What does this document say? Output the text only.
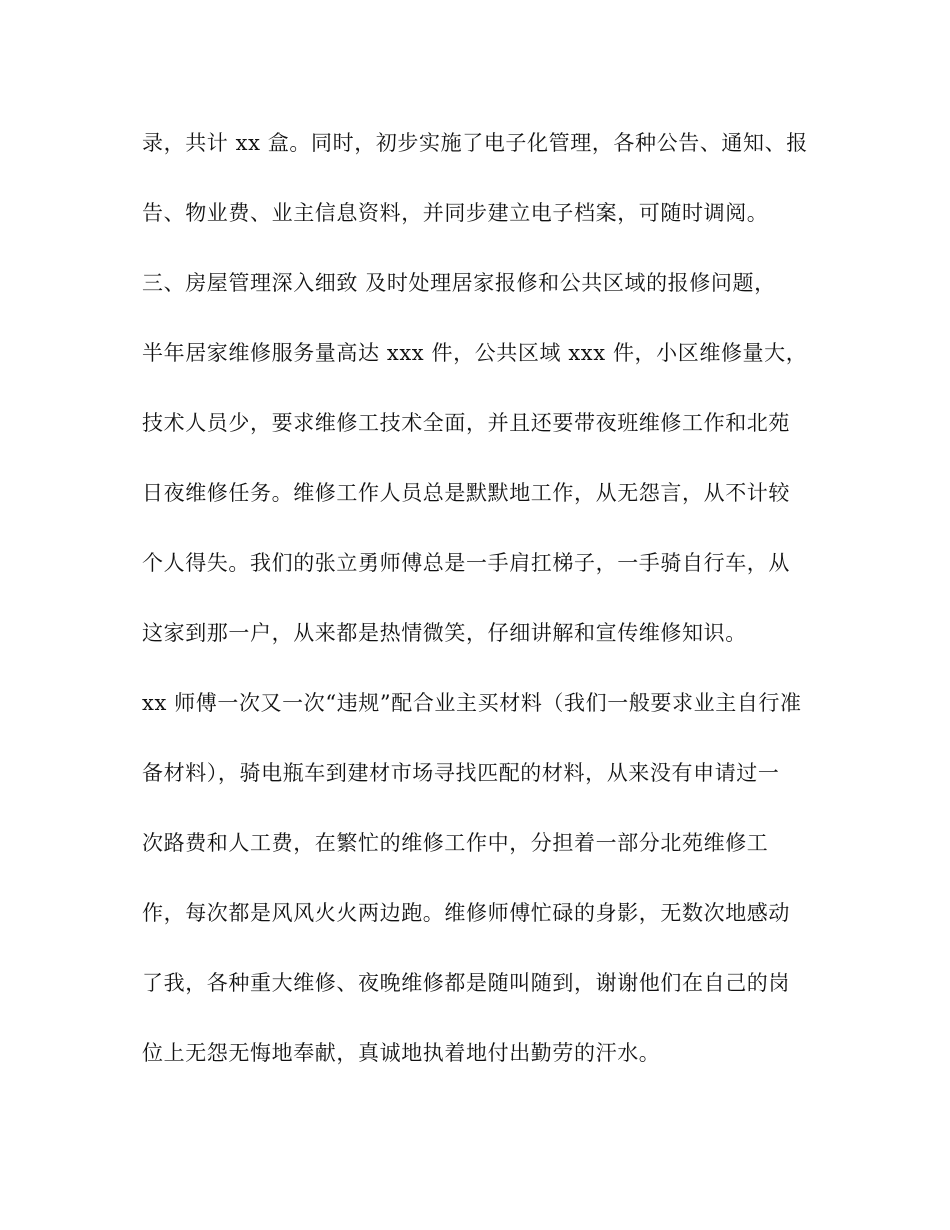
录，共计 xx 盒。同时，初步实施了电子化管理，各种公告、通知、报
告、物业费、业主信息资料，并同步建立电子档案，可随时调阅。
三、房屋管理深入细致 及时处理居家报修和公共区域的报修问题，
半年居家维修服务量高达 xxx 件，公共区域 xxx 件，小区维修量大，
技术人员少，要求维修工技术全面，并且还要带夜班维修工作和北苑
日夜维修任务。维修工作人员总是默默地工作，从无怨言，从不计较
个人得失。我们的张立勇师傅总是一手肩扛梯子，一手骑自行车，从
这家到那一户，从来都是热情微笑，仔细讲解和宣传维修知识。
xx 师傅一次又一次“违规”配合业主买材料（我们一般要求业主自行准
备材料），骑电瓶车到建材市场寻找匹配的材料，从来没有申请过一
次路费和人工费，在繁忙的维修工作中，分担着一部分北苑维修工
作，每次都是风风火火两边跑。维修师傅忙碌的身影，无数次地感动
了我，各种重大维修、夜晚维修都是随叫随到，谢谢他们在自己的岗
位上无怨无悔地奉献，真诚地执着地付出勤劳的汗水。
